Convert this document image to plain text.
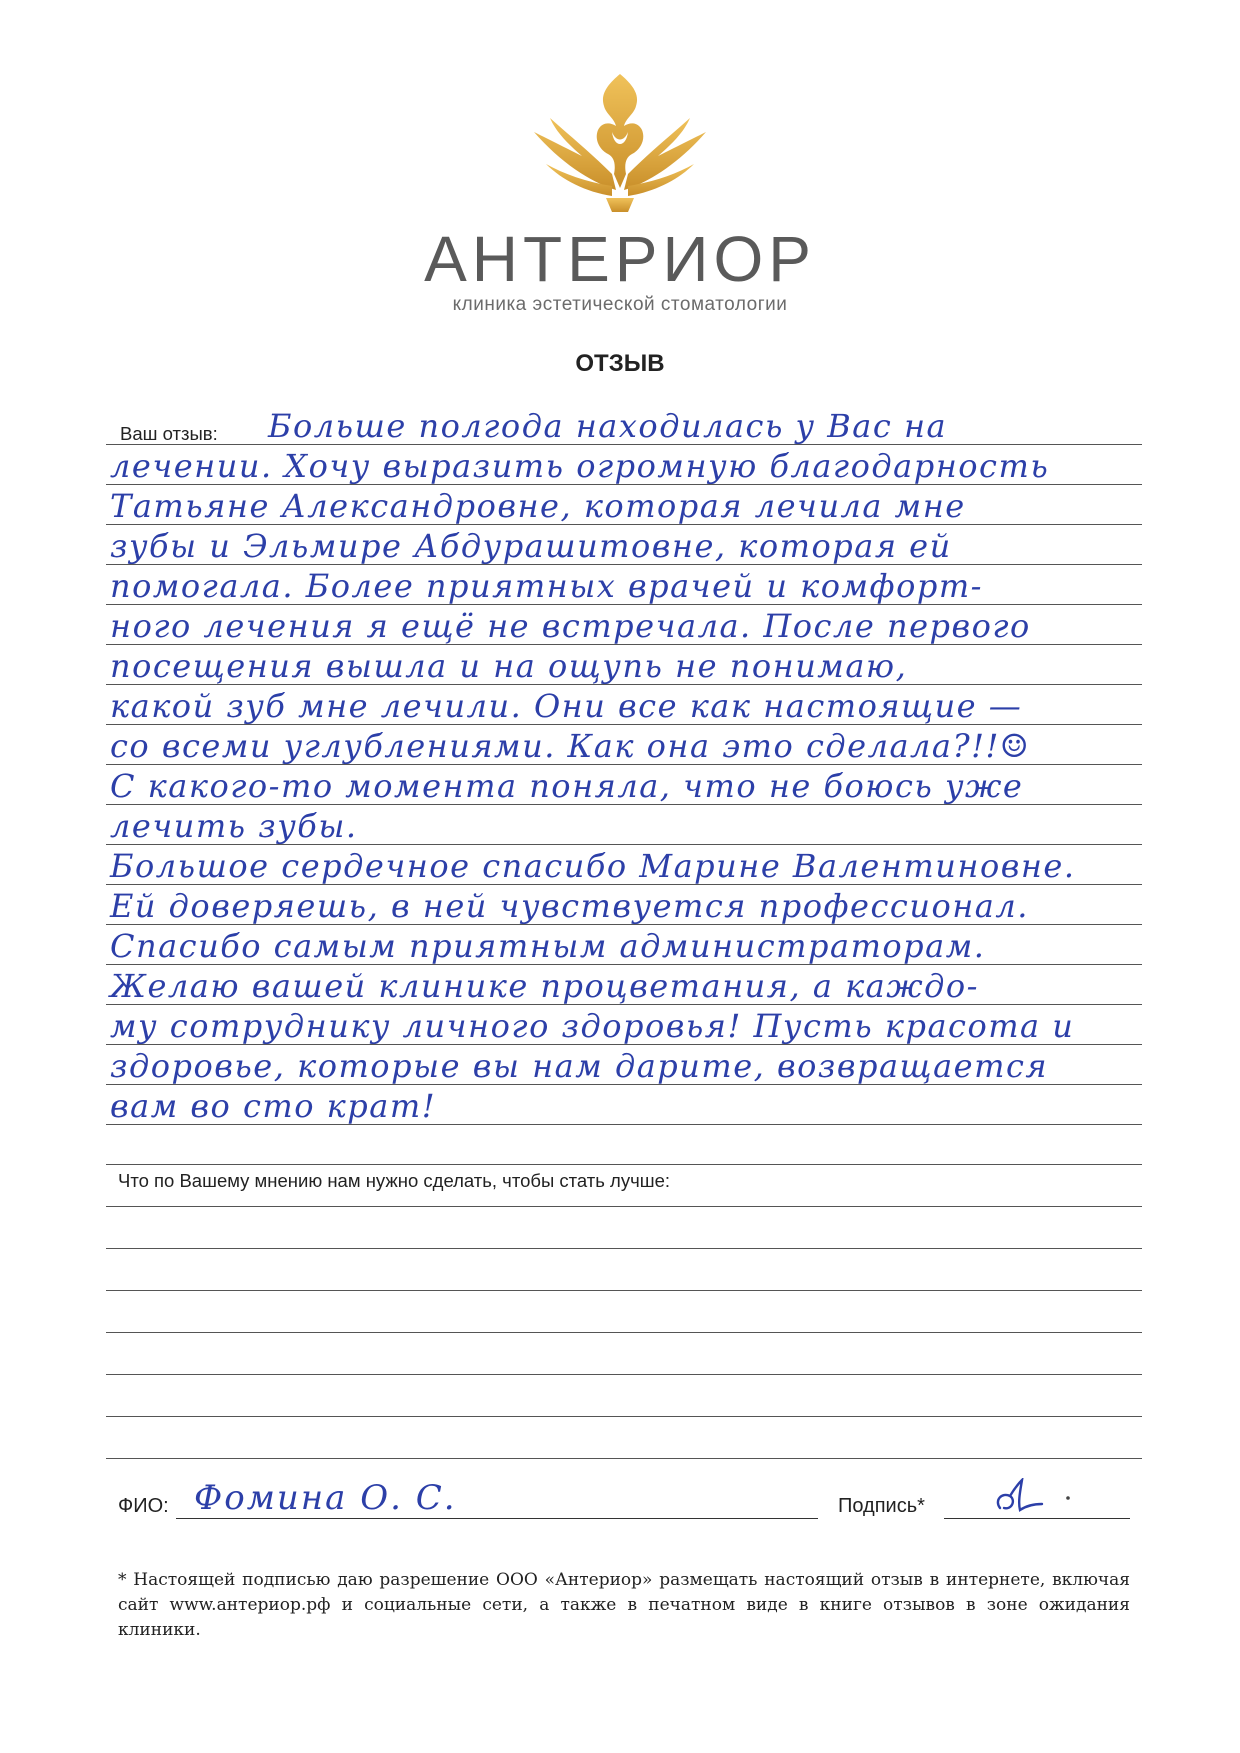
АНТЕРИОР
клиника эстетической стоматологии
ОТЗЫВ
Ваш отзыв:	Больше полгода находилась у Вас на
лечении. Хочу выразить огромную благодарность
Татьяне Александровне, которая лечила мне
зубы и Эльмире Абдурашитовне, которая ей
помогала. Более приятных врачей и комфорт-
ного лечения я ещё не встречала. После первого
посещения вышла и на ощупь не понимаю,
какой зуб мне лечили. Они все как настоящие —
со всеми углублениями. Как она это сделала?!!☺
С какого-то момента поняла, что не боюсь уже
лечить зубы.
Большое сердечное спасибо Марине Валентиновне.
Ей доверяешь, в ней чувствуется профессионал.
Спасибо самым приятным администраторам.
Желаю вашей клинике процветания, а каждо-
му сотруднику личного здоровья! Пусть красота и
здоровье, которые вы нам дарите, возвращается
вам во сто крат!
Что по Вашему мнению нам нужно сделать, чтобы стать лучше:
ФИО: Фомина О. С.	Подпись*
* Настоящей подписью даю разрешение ООО «Антериор» размещать настоящий отзыв в интернете, включая сайт www.антериор.рф и социальные сети, а также в печатном виде в книге отзывов в зоне ожидания клиники.
